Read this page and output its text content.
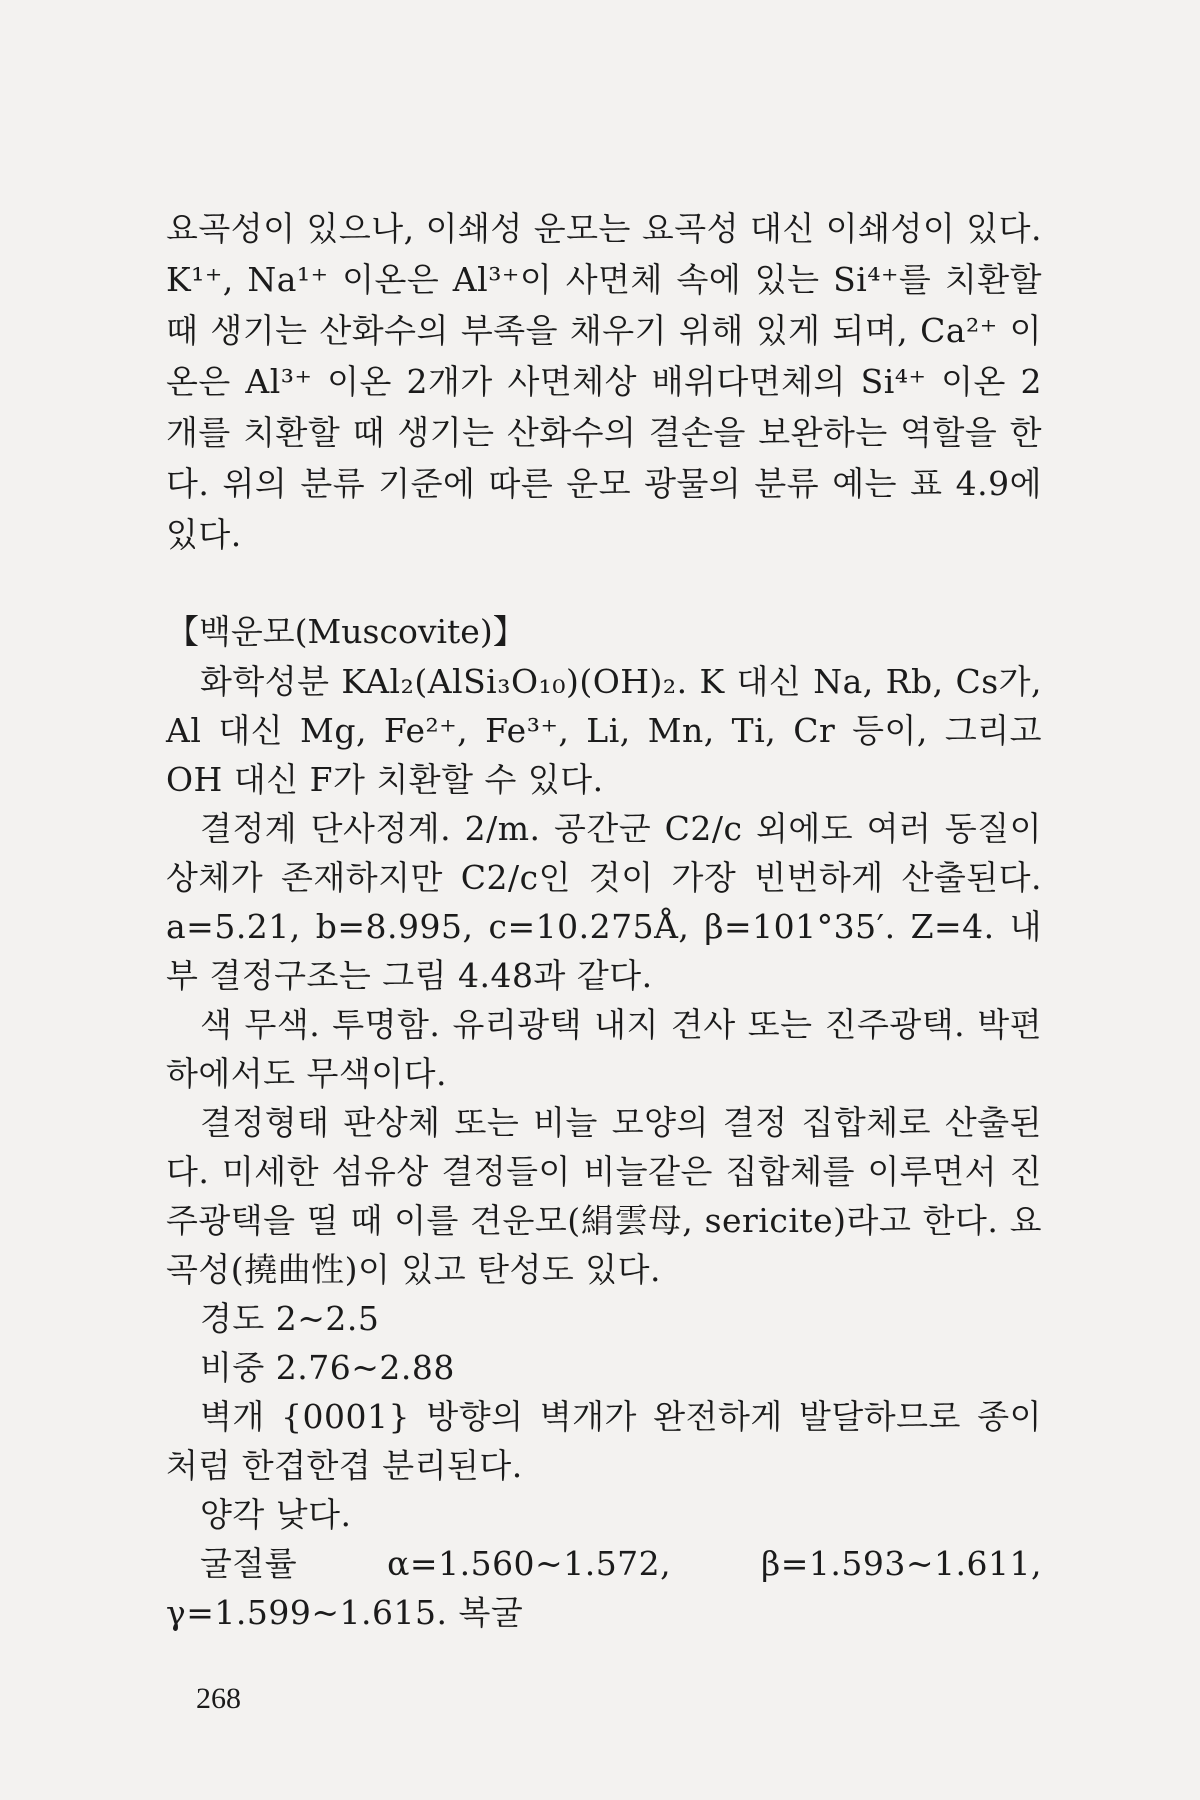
요곡성이 있으나, 이쇄성 운모는 요곡성 대신 이쇄성이 있다. K¹⁺, Na¹⁺ 이온은 Al³⁺이 사면체 속에 있는 Si⁴⁺를 치환할 때 생기는 산화수의 부족을 채우기 위해 있게 되며, Ca²⁺ 이온은 Al³⁺ 이온 2개가 사면체상 배위다면체의 Si⁴⁺ 이온 2개를 치환할 때 생기는 산화수의 결손을 보완하는 역할을 한다. 위의 분류 기준에 따른 운모 광물의 분류 예는 표 4.9에 있다.

【백운모(Muscovite)】

화학성분 KAl₂(AlSi₃O₁₀)(OH)₂. K 대신 Na, Rb, Cs가, Al 대신 Mg, Fe²⁺, Fe³⁺, Li, Mn, Ti, Cr 등이, 그리고 OH 대신 F가 치환할 수 있다.

결정계 단사정계. 2/m. 공간군 C2/c 외에도 여러 동질이상체가 존재하지만 C2/c인 것이 가장 빈번하게 산출된다. a=5.21, b=8.995, c=10.275Å, β=101°35′. Z=4. 내부 결정구조는 그림 4.48과 같다.

색 무색. 투명함. 유리광택 내지 견사 또는 진주광택. 박편하에서도 무색이다.

결정형태 판상체 또는 비늘 모양의 결정 집합체로 산출된다. 미세한 섬유상 결정들이 비늘같은 집합체를 이루면서 진주광택을 띨 때 이를 견운모(絹雲母, sericite)라고 한다. 요곡성(撓曲性)이 있고 탄성도 있다.

경도 2~2.5

비중 2.76~2.88

벽개 {0001} 방향의 벽개가 완전하게 발달하므로 종이처럼 한겹한겹 분리된다.

양각 낮다.

굴절률 α=1.560~1.572, β=1.593~1.611, γ=1.599~1.615. 복굴

268
